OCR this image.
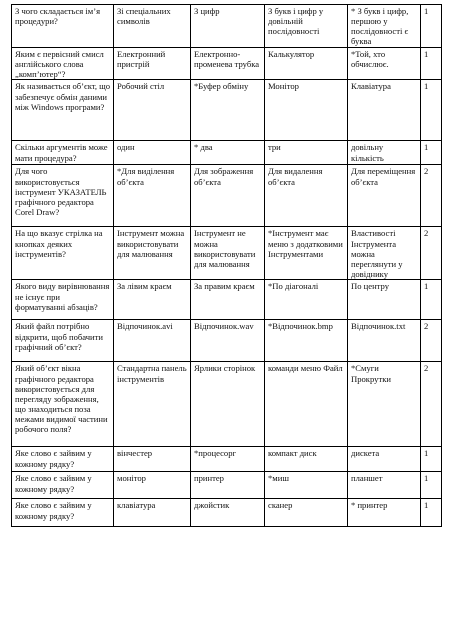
З чого складається ім’я процедури?	Зі спеціальних символів	З цифр	З букв і цифр у довільній послідовності	* З букв і цифр, першою у послідовності є буква	1
Яким є первісний смисл англійського слова „комп’ютер“?	Електронний пристрій	Електронно-променева трубка	Калькулятор	*Той, хто обчислює.	1
Як називається об’єкт, що забезпечує обмін даними між Windows програми?	Робочий стіл	*Буфер обміну	Монітор	Клавіатура	1
Скільки аргументів може мати процедура?	один	* два	три	довільну кількість	1
Для чого використовується інструмент УКАЗАТЕЛЬ графічного редактора Corel Draw?	*Для виділення об’єкта	Для зображення об’єкта	Для видалення об’єкта	Для переміщення об’єкта	2
На що вказує стрілка на кнопках деяких інструментів?	Інструмент можна використовувати для малювання	Інструмент не можна використовувати для малювання	*Інструмент має меню з додатковими Інструментами	Властивості Інструмента можна переглянути у довіднику	2
Якого виду вирівнювання не існує при форматуванні абзаців?	За лівим краєм	За правим краєм	*По діагоналі	По центру	1
Який файл потрібно відкрити, щоб побачити графічний об’єкт?	Відпочинок.avi	Відпочинок.wav	*Відпочинок.bmp	Відпочинок.txt	2
Який об’єкт вікна графічного редактора використовується для перегляду зображення, що знаходиться поза межами видимої частини робочого поля?	Стандартна панель інструментів	Ярлики сторінок	команди меню Файл	*Смуги Прокрутки	2
Яке слово є зайвим у кожному рядку?	вінчестер	*процесорг	компакт диск	дискета	1
Яке слово є зайвим у кожному рядку?	монітор	принтер	*миш	планшет	1
Яке слово є зайвим у кожному рядку?	клавіатура	джойстик	сканер	* принтер	1
